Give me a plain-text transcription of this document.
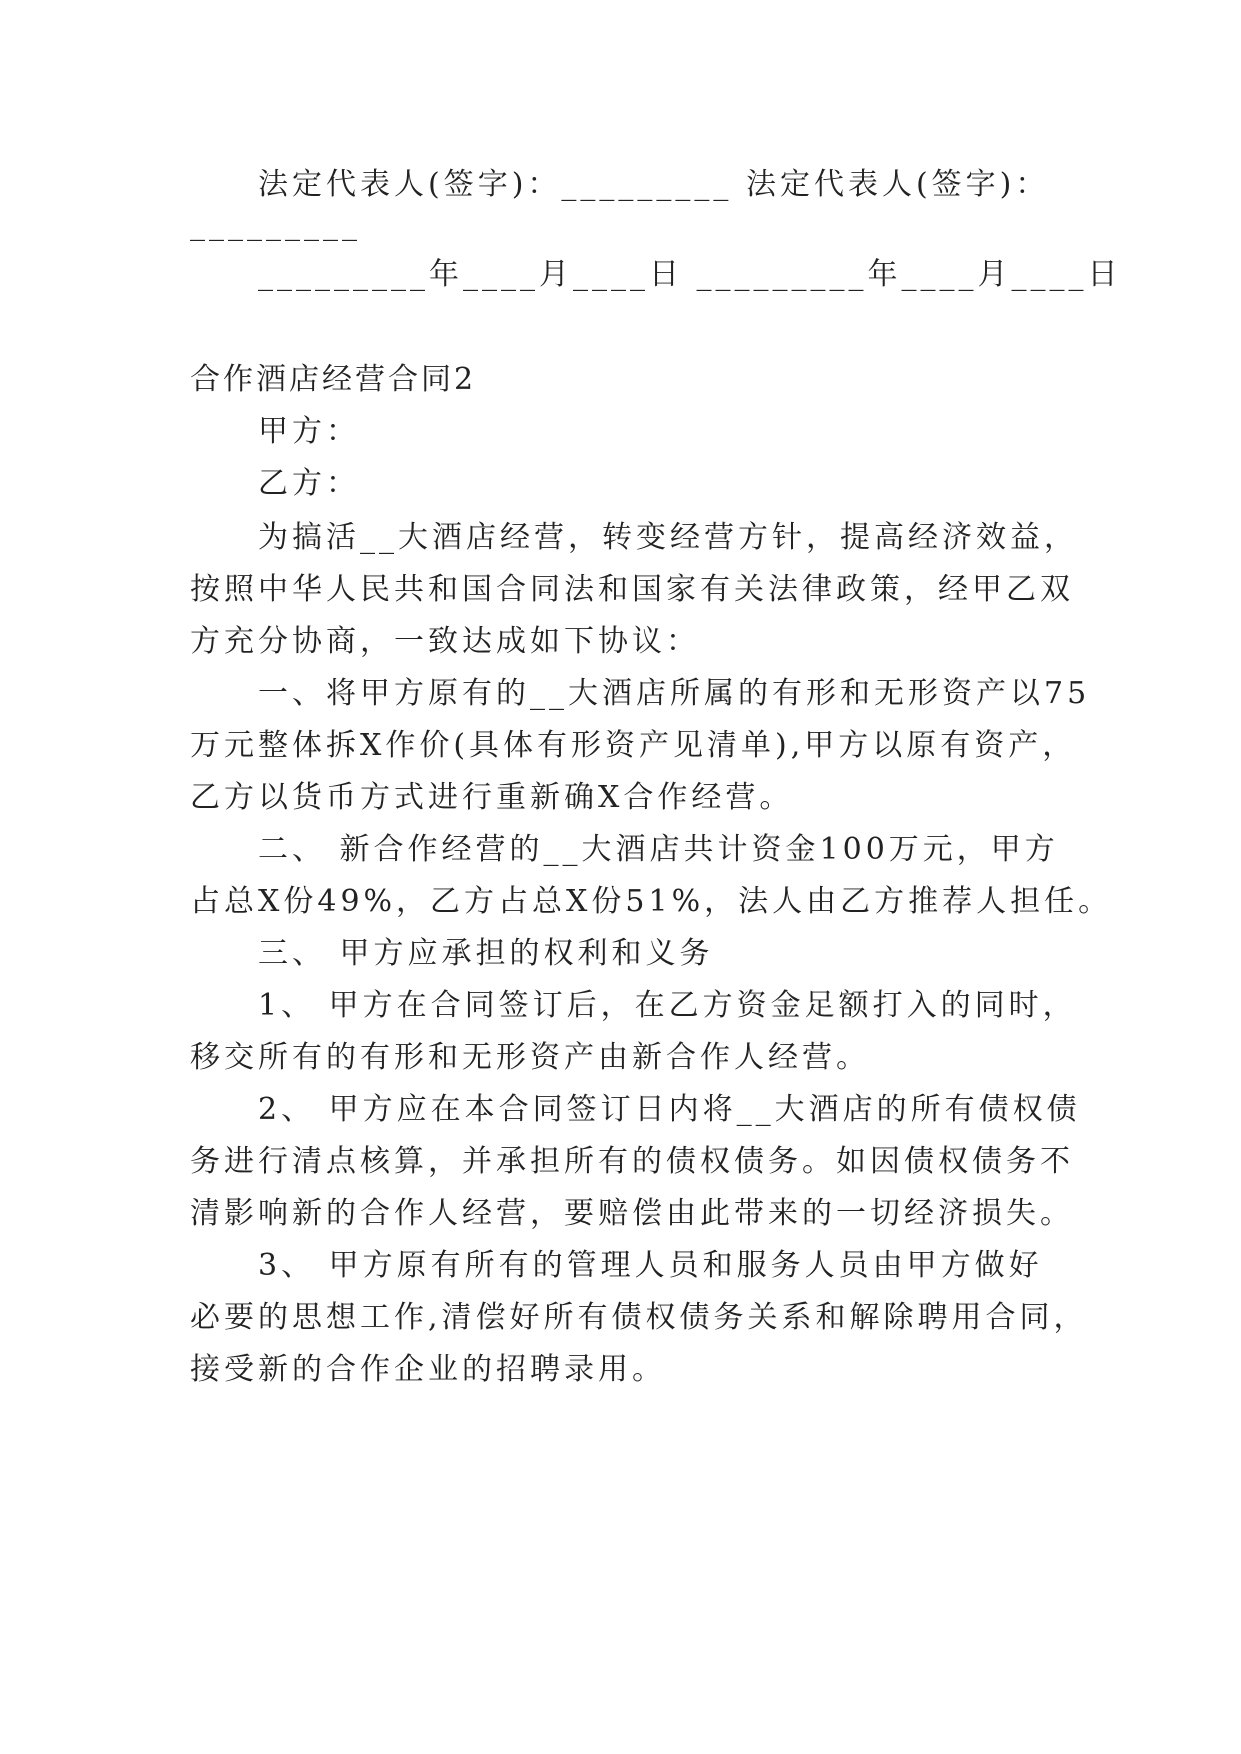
法定代表人(签字)：_________ 法定代表人(签字)：
_________
_________年____月____日 _________年____月____日
合作酒店经营合同2
甲方：
乙方：
为搞活__大酒店经营，转变经营方针，提高经济效益，
按照中华人民共和国合同法和国家有关法律政策，经甲乙双
方充分协商，一致达成如下协议：
一、将甲方原有的__大酒店所属的有形和无形资产以75
万元整体拆X作价(具体有形资产见清单),甲方以原有资产，
乙方以货币方式进行重新确X合作经营。
二、 新合作经营的__大酒店共计资金100万元，甲方
占总X份49%，乙方占总X份51%，法人由乙方推荐人担任。
三、 甲方应承担的权利和义务
1、 甲方在合同签订后，在乙方资金足额打入的同时，
移交所有的有形和无形资产由新合作人经营。
2、 甲方应在本合同签订日内将__大酒店的所有债权债
务进行清点核算，并承担所有的债权债务。如因债权债务不
清影响新的合作人经营，要赔偿由此带来的一切经济损失。
3、 甲方原有所有的管理人员和服务人员由甲方做好
必要的思想工作,清偿好所有债权债务关系和解除聘用合同，
接受新的合作企业的招聘录用。
